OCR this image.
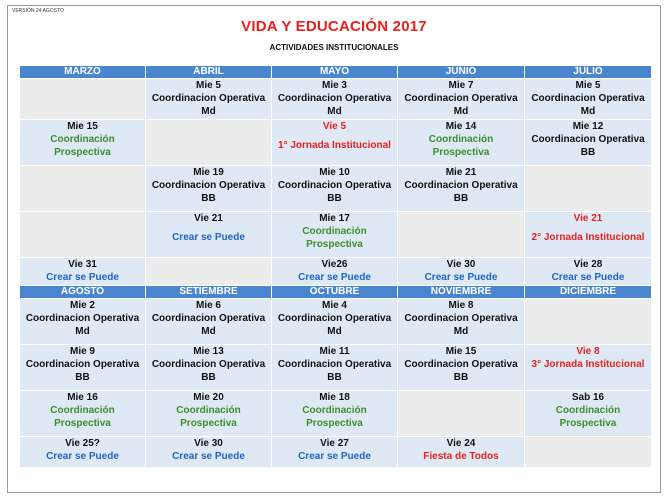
VERSIÓN 24 AGOSTO
VIDA Y EDUCACIÓN 2017
ACTIVIDADES INSTITUCIONALES
MARZO	ABRIL	MAYO	JUNIO	JULIO

	Mie 5
Coordinacion Operativa
Md	Mie 3
Coordinacion Operativa
Md	Mie 7
Coordinacion Operativa
Md	Mie 5
Coordinacion Operativa
Md

Mie 15
Coordinación
Prospectiva		Vie 5
1° Jornada Institucional	Mie 14
Coordinación
Prospectiva	Mie 12
Coordinacion Operativa
BB

	Mie 19
Coordinacion Operativa
BB	Mie 10
Coordinacion Operativa
BB	Mie 21
Coordinacion Operativa
BB	

	Vie 21
Crear se Puede	Mie 17
Coordinación
Prospectiva		Vie 21
2° Jornada Institucional

Vie 31
Crear se Puede		Vie26
Crear se Puede	Vie 30
Crear se Puede	Vie 28
Crear se Puede

AGOSTO	SETIEMBRE	OCTUBRE	NOVIEMBRE	DICIEMBRE

Mie 2
Coordinacion Operativa
Md	Mie 6
Coordinacion Operativa
Md	Mie 4
Coordinacion Operativa
Md	Mie 8
Coordinacion Operativa
Md	

Mie 9
Coordinacion Operativa
BB	Mie 13
Coordinacion Operativa
BB	Mie 11
Coordinacion Operativa
BB	Mie 15
Coordinacion Operativa
BB	Vie 8
3° Jornada Institucional

Mie 16
Coordinación
Prospectiva	Mie 20
Coordinación
Prospectiva	Mie 18
Coordinación
Prospectiva		Sab 16
Coordinación
Prospectiva

Vie 25?
Crear se Puede	Vie 30
Crear se Puede	Vie 27
Crear se Puede	Vie 24
Fiesta de Todos	
